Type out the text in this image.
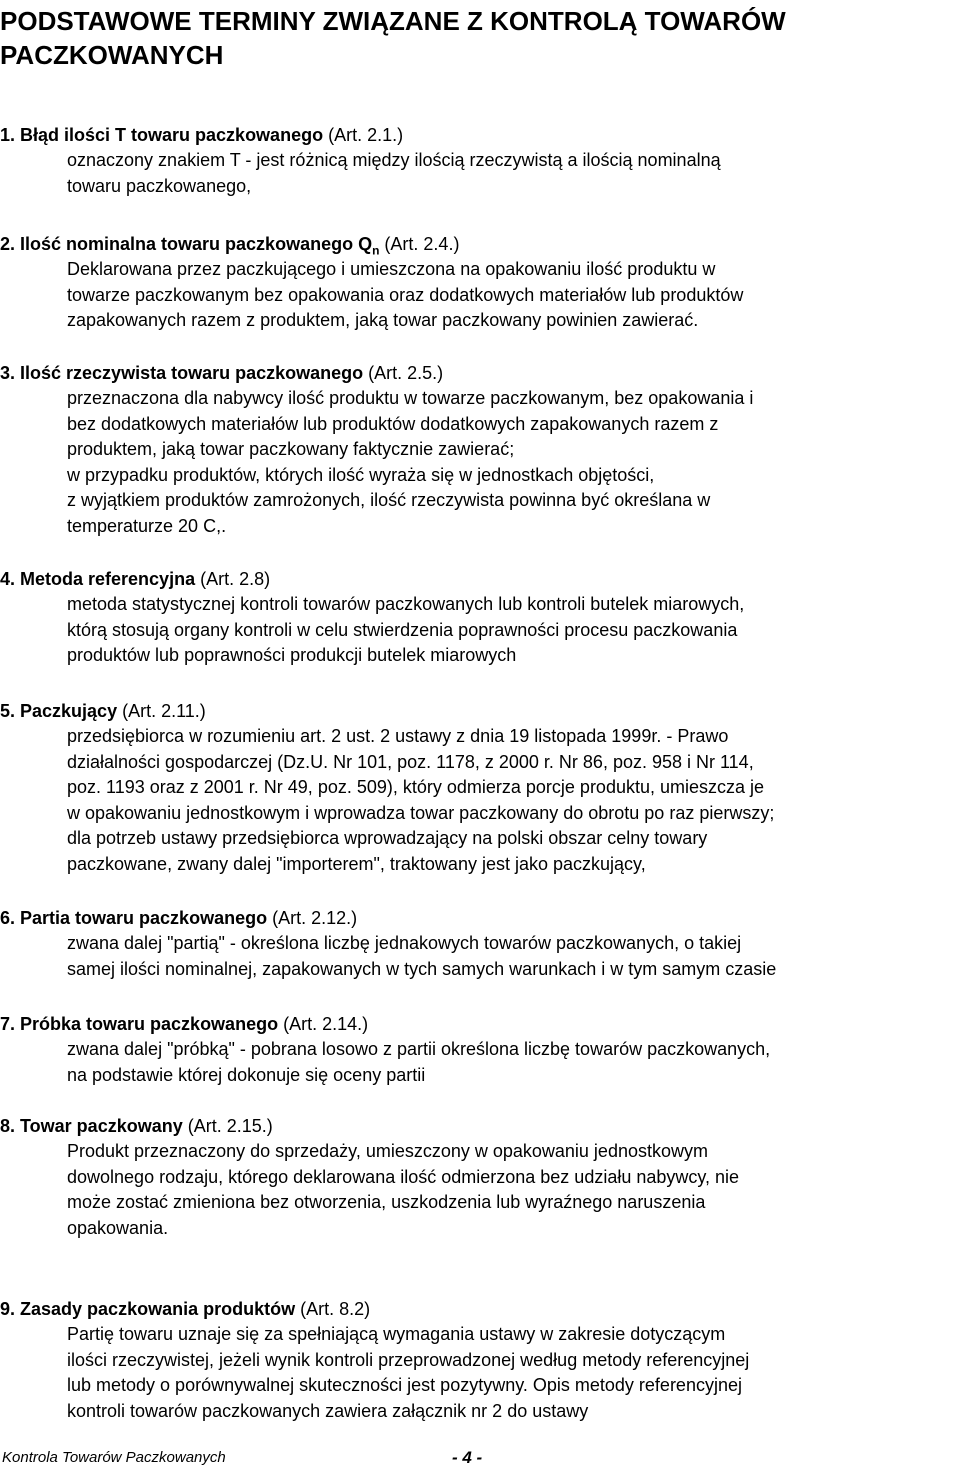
PODSTAWOWE TERMINY ZWIĄZANE Z KONTROLĄ TOWARÓW
PACZKOWANYCH
1. Błąd ilości T towaru paczkowanego (Art. 2.1.)
oznaczony znakiem T - jest różnicą między ilością rzeczywistą a ilością nominalną
towaru paczkowanego,
2. Ilość nominalna towaru paczkowanego $Q_n$ (Art. 2.4.)
Deklarowana przez paczkującego i umieszczona na opakowaniu ilość produktu w
towarze paczkowanym bez opakowania oraz dodatkowych materiałów lub produktów
zapakowanych razem z produktem, jaką towar paczkowany powinien zawierać.
3. Ilość rzeczywista towaru paczkowanego (Art. 2.5.)
przeznaczona dla nabywcy ilość produktu w towarze paczkowanym, bez opakowania i
bez dodatkowych materiałów lub produktów dodatkowych zapakowanych razem z
produktem, jaką towar paczkowany faktycznie zawierać;
w przypadku produktów, których ilość wyraża się w jednostkach objętości,
z wyjątkiem produktów zamrożonych, ilość rzeczywista powinna być określana w
temperaturze 20 C,.
4. Metoda referencyjna (Art. 2.8)
metoda statystycznej kontroli towarów paczkowanych lub kontroli butelek miarowych,
którą stosują organy kontroli w celu stwierdzenia poprawności procesu paczkowania
produktów lub poprawności produkcji butelek miarowych
5. Paczkujący (Art. 2.11.)
przedsiębiorca w rozumieniu art. 2 ust. 2 ustawy z dnia 19 listopada 1999r. - Prawo
działalności gospodarczej (Dz.U. Nr 101, poz. 1178, z 2000 r. Nr 86, poz. 958 i Nr 114,
poz. 1193 oraz z 2001 r. Nr 49, poz. 509), który odmierza porcje produktu, umieszcza je
w opakowaniu jednostkowym i wprowadza towar paczkowany do obrotu po raz pierwszy;
dla potrzeb ustawy przedsiębiorca wprowadzający na polski obszar celny towary
paczkowane, zwany dalej "importerem", traktowany jest jako paczkujący,
6. Partia towaru paczkowanego (Art. 2.12.)
zwana dalej "partią" - określona liczbę jednakowych towarów paczkowanych, o takiej
samej ilości nominalnej, zapakowanych w tych samych warunkach i w tym samym czasie
7. Próbka towaru paczkowanego (Art. 2.14.)
zwana dalej "próbką" - pobrana losowo z partii określona liczbę towarów paczkowanych,
na podstawie której dokonuje się oceny partii
8. Towar paczkowany (Art. 2.15.)
Produkt przeznaczony do sprzedaży, umieszczony w opakowaniu jednostkowym
dowolnego rodzaju, którego deklarowana ilość odmierzona bez udziału nabywcy, nie
może zostać zmieniona bez otworzenia, uszkodzenia lub wyraźnego naruszenia
opakowania.
9. Zasady paczkowania produktów (Art. 8.2)
Partię towaru uznaje się za spełniającą wymagania ustawy w zakresie dotyczącym
ilości rzeczywistej, jeżeli wynik kontroli przeprowadzonej według metody referencyjnej
lub metody o porównywalnej skuteczności jest pozytywny. Opis metody referencyjnej
kontroli towarów paczkowanych zawiera załącznik nr 2 do ustawy
Kontrola Towarów Paczkowanych	- 4 -
